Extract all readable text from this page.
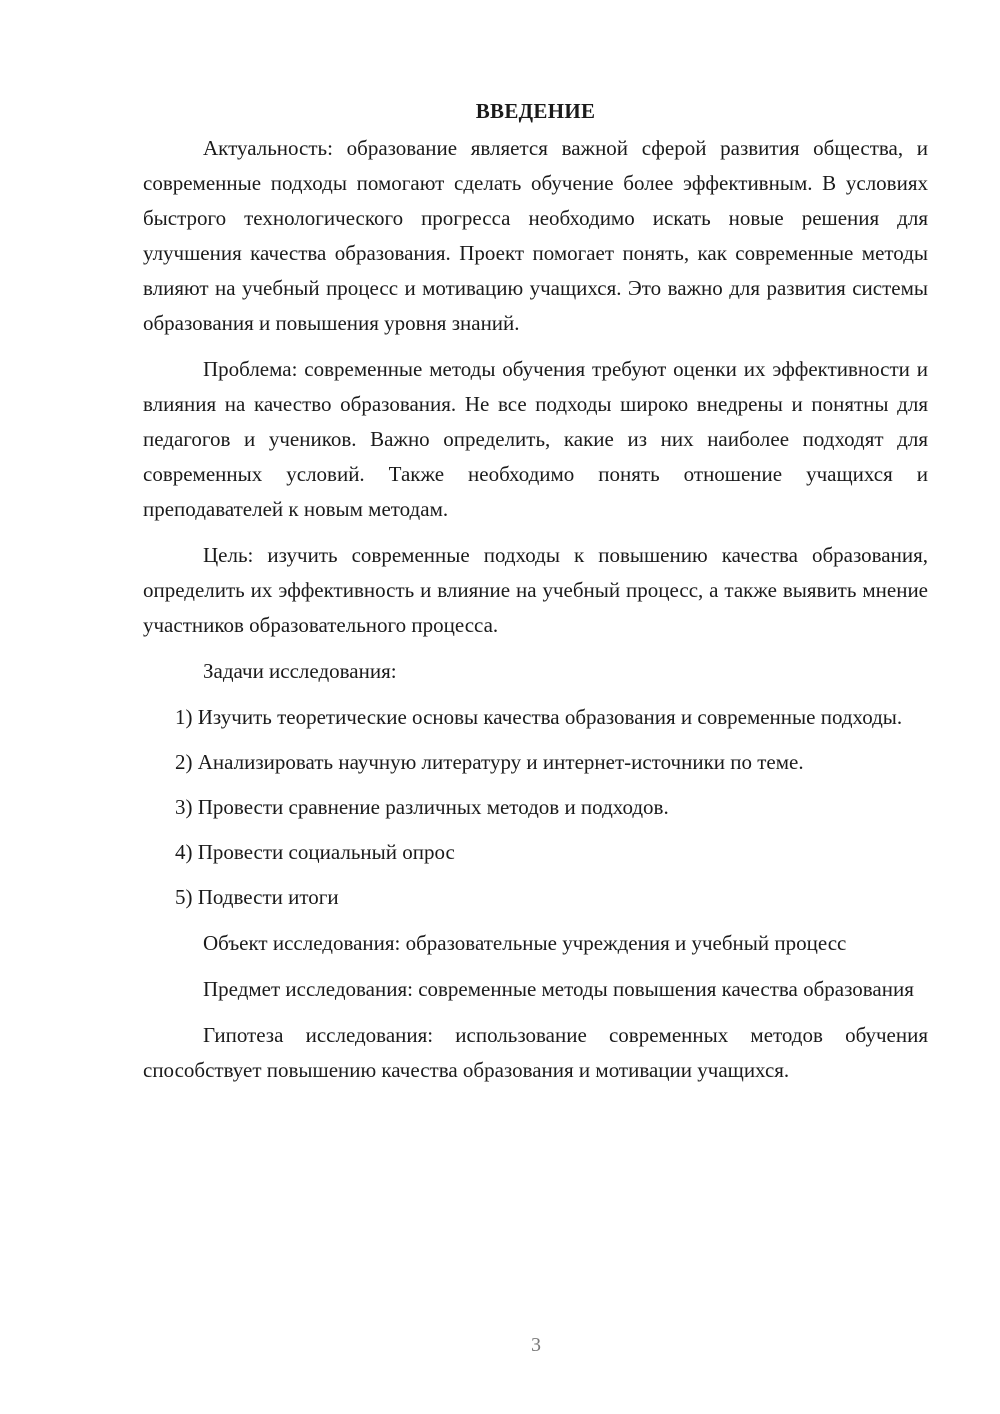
ВВЕДЕНИЕ

Актуальность: образование является важной сферой развития общества, и современные подходы помогают сделать обучение более эффективным. В условиях быстрого технологического прогресса необходимо искать новые решения для улучшения качества образования. Проект помогает понять, как современные методы влияют на учебный процесс и мотивацию учащихся. Это важно для развития системы образования и повышения уровня знаний.

Проблема: современные методы обучения требуют оценки их эффективности и влияния на качество образования. Не все подходы широко внедрены и понятны для педагогов и учеников. Важно определить, какие из них наиболее подходят для современных условий. Также необходимо понять отношение учащихся и преподавателей к новым методам.

Цель: изучить современные подходы к повышению качества образования, определить их эффективность и влияние на учебный процесс, а также выявить мнение участников образовательного процесса.

Задачи исследования:

1) Изучить теоретические основы качества образования и современные подходы.

2) Анализировать научную литературу и интернет-источники по теме.

3) Провести сравнение различных методов и подходов.

4) Провести социальный опрос

5) Подвести итоги

Объект исследования: образовательные учреждения и учебный процесс

Предмет исследования: современные методы повышения качества образования

Гипотеза исследования: использование современных методов обучения способствует повышению качества образования и мотивации учащихся.

3
